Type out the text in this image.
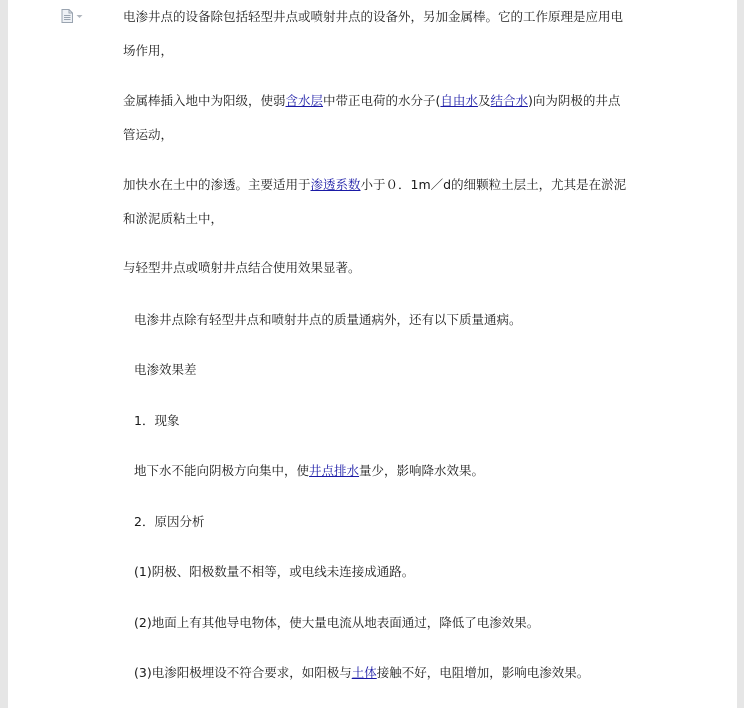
电渗井点的设备除包括轻型井点或喷射井点的设备外，另加金属棒。它的工作原理是应用电
场作用，

金属棒插入地中为阳级，使弱含水层中带正电荷的水分子(自由水及结合水)向为阴极的井点
管运动，

加快水在土中的渗透。主要适用于渗透系数小于０．1m／d的细颗粒土层土，尤其是在淤泥
和淤泥质粘土中，

与轻型井点或喷射井点结合使用效果显著。

电渗井点除有轻型井点和喷射井点的质量通病外，还有以下质量通病。

电渗效果差

1．现象

地下水不能向阴极方向集中，使井点排水量少，影响降水效果。

2．原因分析

(1)阴极、阳极数量不相等，或电线未连接成通路。

(2)地面上有其他导电物体，使大量电流从地表面通过，降低了电渗效果。

(3)电渗阳极埋设不符合要求，如阳极与土体接触不好，电阻增加，影响电渗效果。
